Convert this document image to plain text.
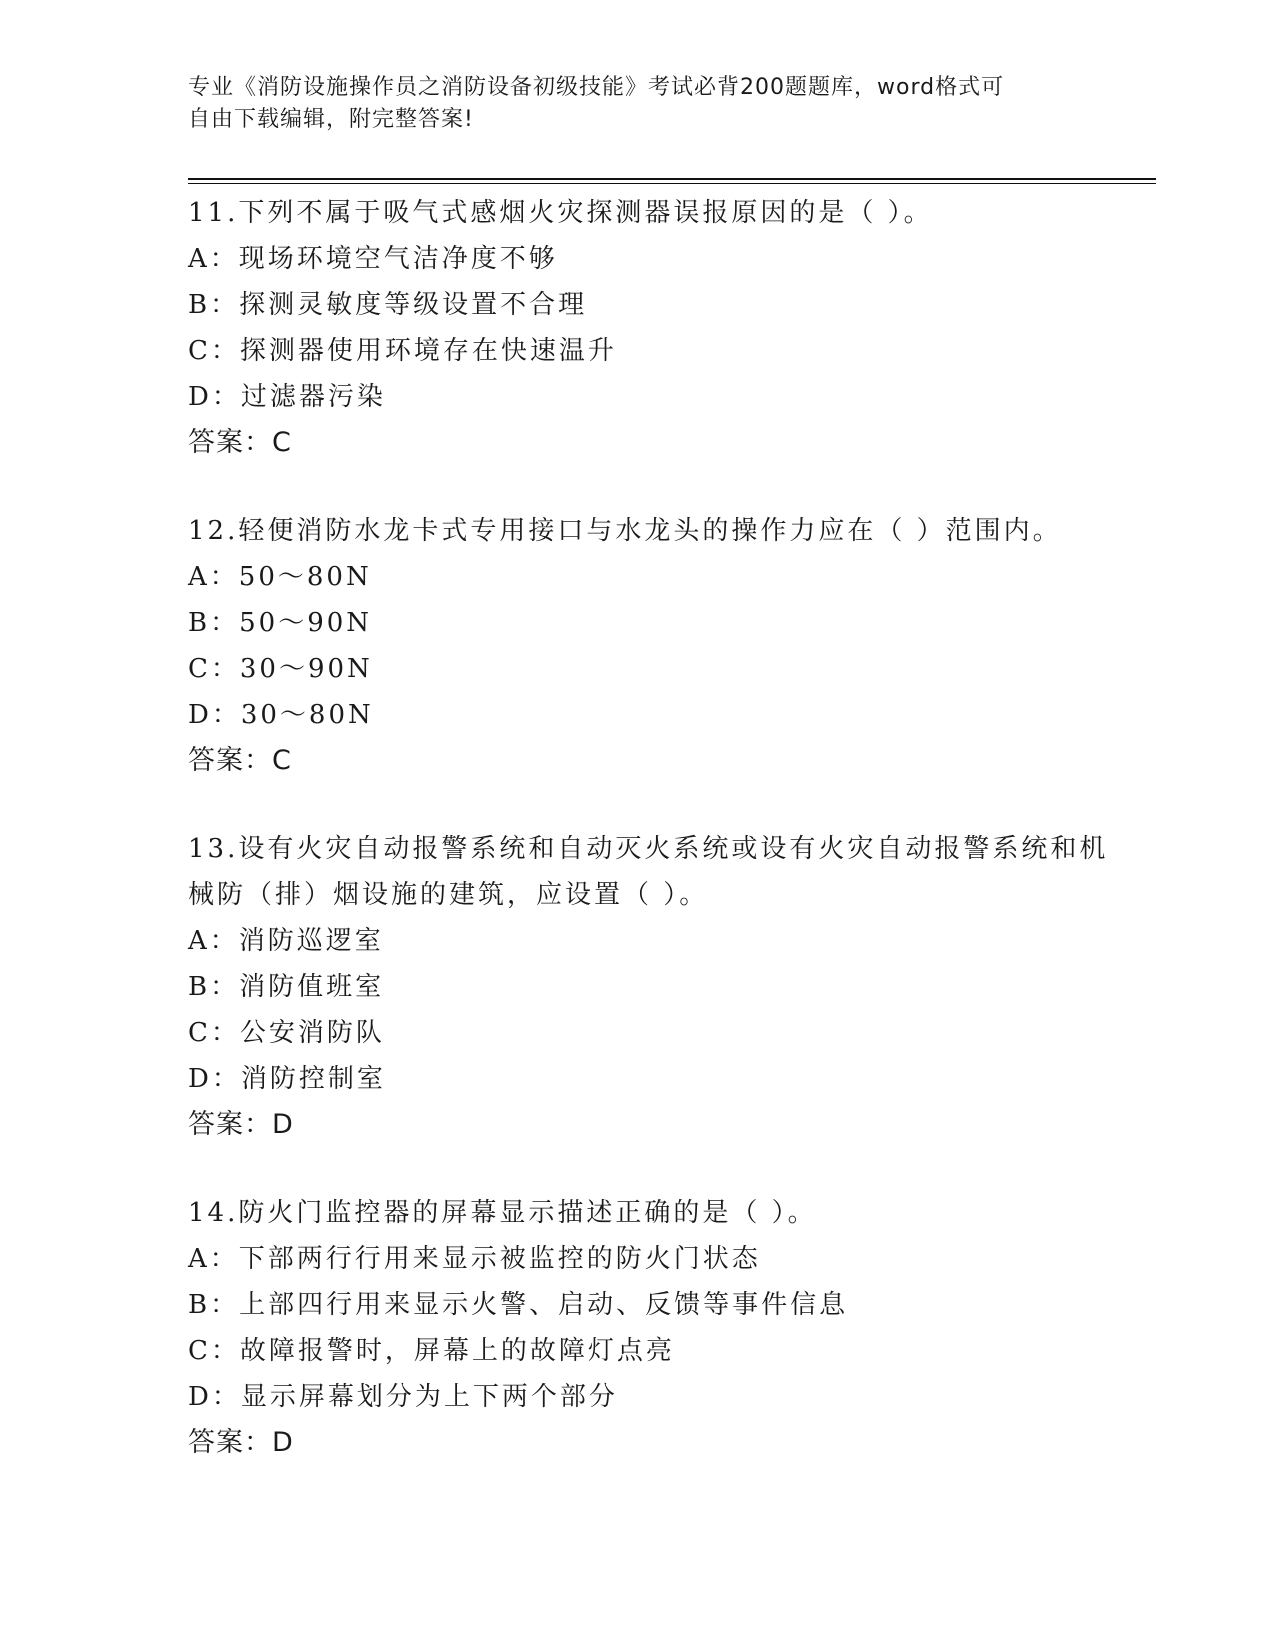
专业《消防设施操作员之消防设备初级技能》考试必背200题题库，word格式可
自由下载编辑，附完整答案!
11.下列不属于吸气式感烟火灾探测器误报原因的是（ ）。
A：现场环境空气洁净度不够
B：探测灵敏度等级设置不合理
C：探测器使用环境存在快速温升
D：过滤器污染
答案：C
12.轻便消防水龙卡式专用接口与水龙头的操作力应在（ ）范围内。
A：50～80N
B：50～90N
C：30～90N
D：30～80N
答案：C
13.设有火灾自动报警系统和自动灭火系统或设有火灾自动报警系统和机械防（排）烟设施的建筑，应设置（ ）。
A：消防巡逻室
B：消防值班室
C：公安消防队
D：消防控制室
答案：D
14.防火门监控器的屏幕显示描述正确的是（ ）。
A：下部两行行用来显示被监控的防火门状态
B：上部四行用来显示火警、启动、反馈等事件信息
C：故障报警时，屏幕上的故障灯点亮
D：显示屏幕划分为上下两个部分
答案：D
